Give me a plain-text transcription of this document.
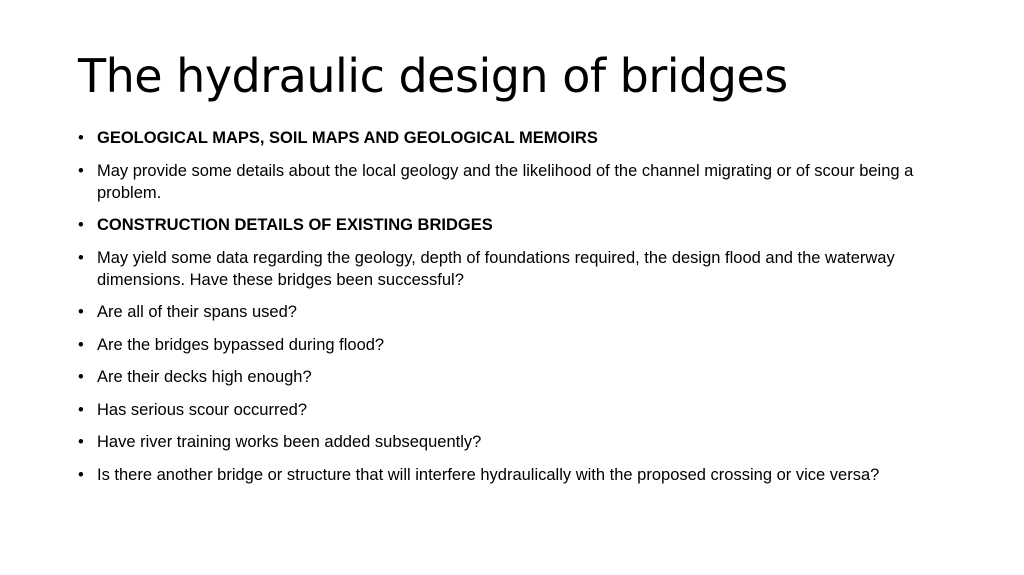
The hydraulic design of bridges
• GEOLOGICAL MAPS, SOIL MAPS AND GEOLOGICAL MEMOIRS
• May provide some details about the local geology and the likelihood of the channel migrating or of scour being a problem.
• CONSTRUCTION DETAILS OF EXISTING BRIDGES
• May yield some data regarding the geology, depth of foundations required, the design flood and the waterway dimensions. Have these bridges been successful?
• Are all of their spans used?
• Are the bridges bypassed during flood?
• Are their decks high enough?
• Has serious scour occurred?
• Have river training works been added subsequently?
• Is there another bridge or structure that will interfere hydraulically with the proposed crossing or vice versa?
